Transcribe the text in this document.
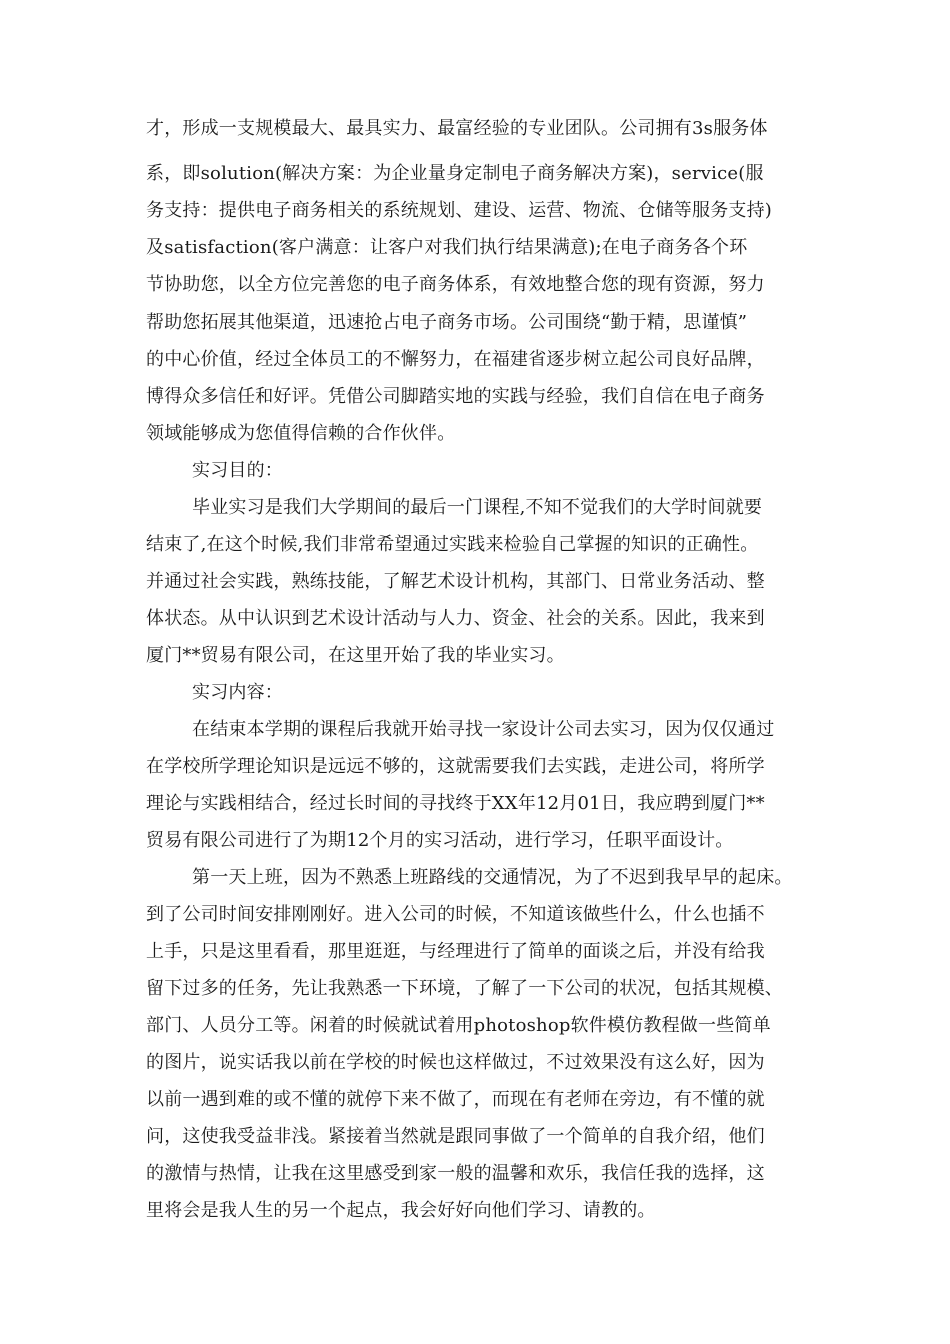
才，形成一支规模最大、最具实力、最富经验的专业团队。公司拥有3s服务体
系，即solution(解决方案：为企业量身定制电子商务解决方案)，service(服
务支持：提供电子商务相关的系统规划、建设、运营、物流、仓储等服务支持)
及satisfaction(客户满意：让客户对我们执行结果满意);在电子商务各个环
节协助您，以全方位完善您的电子商务体系，有效地整合您的现有资源，努力
帮助您拓展其他渠道，迅速抢占电子商务市场。公司围绕“勤于精，思谨慎”
的中心价值，经过全体员工的不懈努力，在福建省逐步树立起公司良好品牌，
博得众多信任和好评。凭借公司脚踏实地的实践与经验，我们自信在电子商务
领域能够成为您值得信赖的合作伙伴。
实习目的：
毕业实习是我们大学期间的最后一门课程,不知不觉我们的大学时间就要
结束了,在这个时候,我们非常希望通过实践来检验自己掌握的知识的正确性。
并通过社会实践，熟练技能，了解艺术设计机构，其部门、日常业务活动、整
体状态。从中认识到艺术设计活动与人力、资金、社会的关系。因此，我来到
厦门**贸易有限公司，在这里开始了我的毕业实习。
实习内容：
在结束本学期的课程后我就开始寻找一家设计公司去实习，因为仅仅通过
在学校所学理论知识是远远不够的，这就需要我们去实践，走进公司，将所学
理论与实践相结合，经过长时间的寻找终于XX年12月01日，我应聘到厦门**
贸易有限公司进行了为期12个月的实习活动，进行学习，任职平面设计。
第一天上班，因为不熟悉上班路线的交通情况，为了不迟到我早早的起床。
到了公司时间安排刚刚好。进入公司的时候，不知道该做些什么，什么也插不
上手，只是这里看看，那里逛逛，与经理进行了简单的面谈之后，并没有给我
留下过多的任务，先让我熟悉一下环境，了解了一下公司的状况，包括其规模、
部门、人员分工等。闲着的时候就试着用photoshop软件模仿教程做一些简单
的图片，说实话我以前在学校的时候也这样做过，不过效果没有这么好，因为
以前一遇到难的或不懂的就停下来不做了，而现在有老师在旁边，有不懂的就
问，这使我受益非浅。紧接着当然就是跟同事做了一个简单的自我介绍，他们
的激情与热情，让我在这里感受到家一般的温馨和欢乐，我信任我的选择，这
里将会是我人生的另一个起点，我会好好向他们学习、请教的。
